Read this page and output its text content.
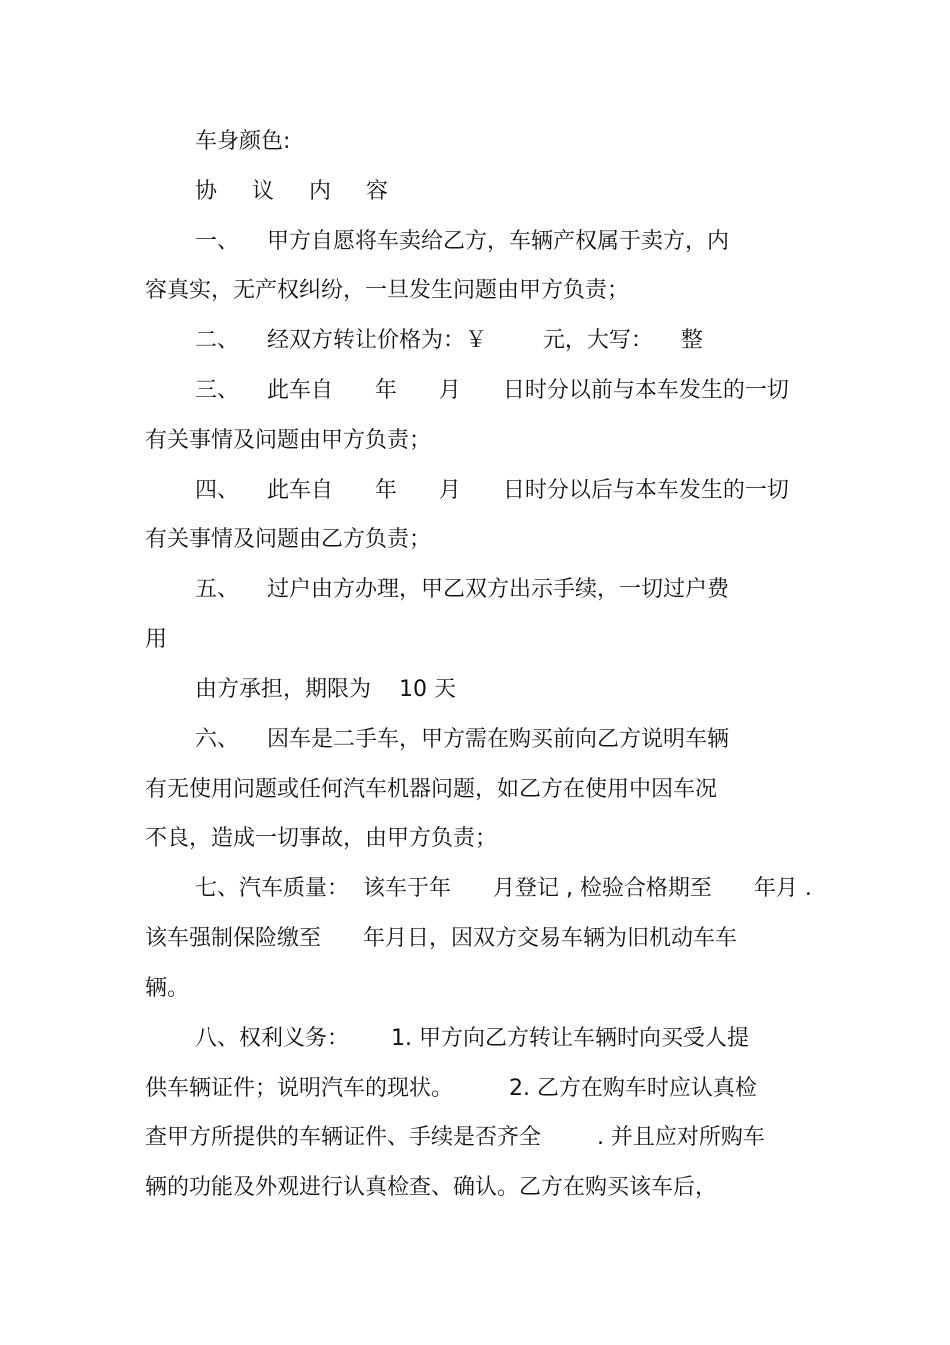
车身颜色:
协 议 内 容
一、    甲方自愿将车卖给乙方，车辆产权属于卖方，内
容真实，无产权纠纷，一旦发生问题由甲方负责；
二、    经双方转让价格为：￥        元，大写：    整
三、    此车自      年      月      日时分以前与本车发生的一切
有关事情及问题由甲方负责；
四、    此车自      年      月      日时分以后与本车发生的一切
有关事情及问题由乙方负责；
五、    过户由方办理，甲乙双方出示手续，一切过户费
用
由方承担，期限为    10 天
六、    因车是二手车，甲方需在购买前向乙方说明车辆
有无使用问题或任何汽车机器问题，如乙方在使用中因车况
不良，造成一切事故，由甲方负责；
七、汽车质量：  该车于年      月登记 , 检验合格期至      年月 .
该车强制保险缴至      年月日，因双方交易车辆为旧机动车车
辆。
八、权利义务：      1. 甲方向乙方转让车辆时向买受人提
供车辆证件；说明汽车的现状。        2. 乙方在购车时应认真检
查甲方所提供的车辆证件、手续是否齐全        . 并且应对所购车
辆的功能及外观进行认真检查、确认。乙方在购买该车后，
